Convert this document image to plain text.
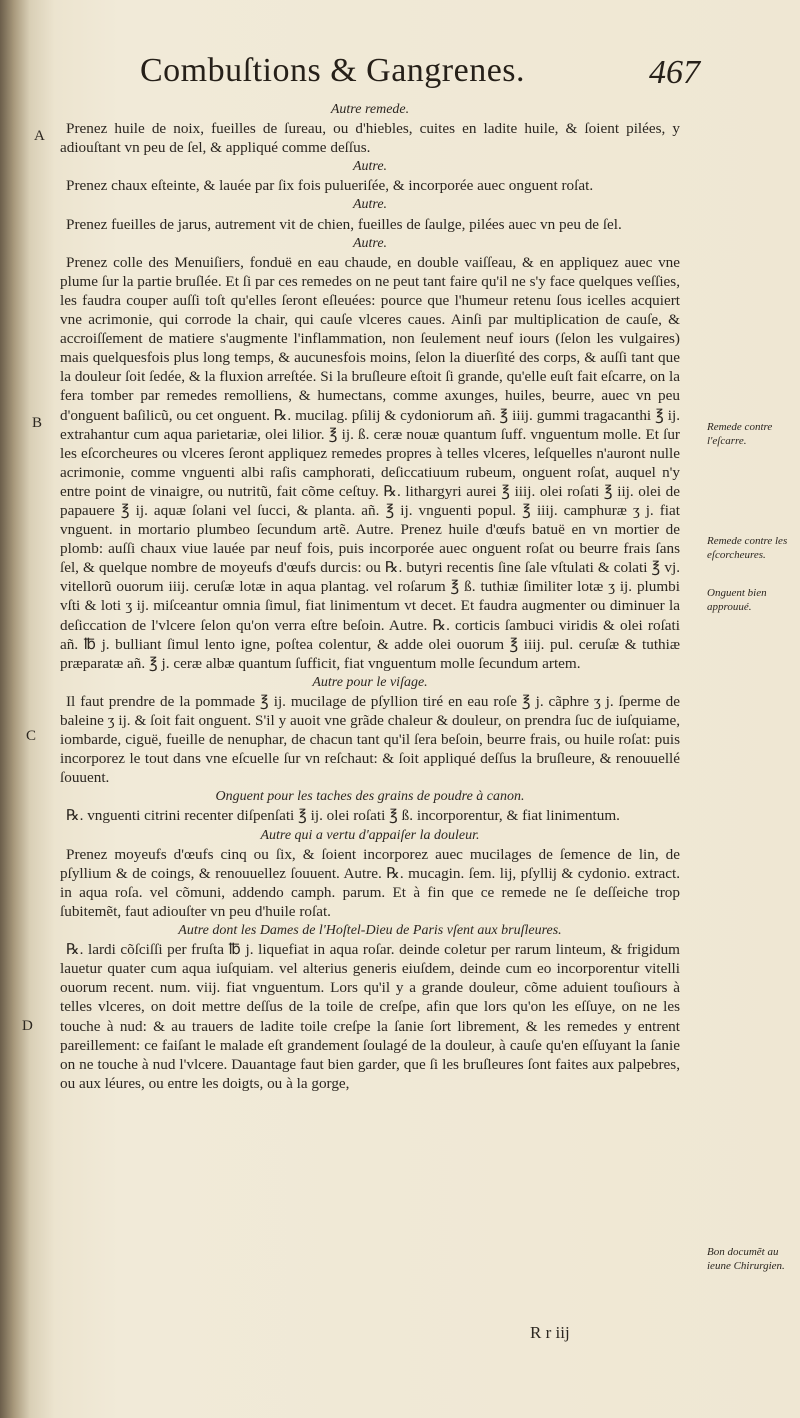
Combuſtions & Gangrenes.	467
A
B
C
D

Autre remede.

Prenez huile de noix, fueilles de ſureau, ou d'hiebles, cuites en ladite huile, & ſoient pilées, y adiouſtant vn peu de ſel, & appliqué comme deſſus.

Autre.

Prenez chaux eſteinte, & lauée par ſix fois pulueriſée, & incorporée auec onguent roſat.

Autre.

Prenez fueilles de jarus, autrement vit de chien, fueilles de ſaulge, pilées auec vn peu de ſel.

Autre.

Prenez colle des Menuiſiers, fonduë en eau chaude, en double vaiſſeau, & en appliquez auec vne plume ſur la partie bruſlée. Et ſi par ces remedes on ne peut tant faire qu'il ne s'y face quelques veſſies, les faudra couper auſſi toſt qu'elles ſeront eſleuées: pource que l'humeur retenu ſous icelles acquiert vne acrimonie, qui corrode la chair, qui cauſe vlceres caues. Ainſi par multiplication de cauſe, & accroiſſement de matiere s'augmente l'inflammation, non ſeulement neuf iours (ſelon les vulgaires) mais quelquesfois plus long temps, & aucunesfois moins, ſelon la diuerſité des corps, & auſſi tant que la douleur ſoit ſedée, & la fluxion arreſtée. Si la bruſleure eſtoit ſi grande, qu'elle euſt fait eſcarre, on la fera tomber par remedes remolliens, & humectans, comme axunges, huiles, beurre, auec vn peu d'onguent baſilicũ, ou cet onguent. ℞. mucilag. pſilij & cydoniorum añ. ℥ iiij. gummi tragacanthi ℥ ij. extrahantur cum aqua parietariæ, olei lilior. ℥ ij. ß. ceræ nouæ quantum ſuff. vnguentum molle. Et ſur les eſcorcheures ou vlceres ſeront appliquez remedes propres à telles vlceres, leſquelles n'auront nulle acrimonie, comme vnguenti albi raſis camphorati, deſiccatiuum rubeum, onguent roſat, auquel n'y entre point de vinaigre, ou nutritũ, fait cõme ceſtuy. ℞. lithargyri aurei ℥ iiij. olei roſati ℥ iij. olei de papauere ℥ ij. aquæ ſolani vel ſucci, & planta. añ. ℥ ij. vnguenti popul. ℥ iiij. camphuræ ʒ j. fiat vnguent. in mortario plumbeo ſecundum artẽ. Autre. Prenez huile d'œufs batuë en vn mortier de plomb: auſſi chaux viue lauée par neuf fois, puis incorporée auec onguent roſat ou beurre frais ſans ſel, & quelque nombre de moyeufs d'œufs durcis: ou ℞. butyri recentis ſine ſale vſtulati & colati ℥ vj. vitellorũ ouorum iiij. ceruſæ lotæ in aqua plantag. vel roſarum ℥ ß. tuthiæ ſimiliter lotæ ʒ ij. plumbi vſti & loti ʒ ij. miſceantur omnia ſimul, fiat linimentum vt decet. Et faudra augmenter ou diminuer la deſiccation de l'vlcere ſelon qu'on verra eſtre beſoin. Autre. ℞. corticis ſambuci viridis & olei roſati añ. ℔ j. bulliant ſimul lento igne, poſtea colentur, & adde olei ouorum ℥ iiij. pul. ceruſæ & tuthiæ præparatæ añ. ℥ j. ceræ albæ quantum ſufficit, fiat vnguentum molle ſecundum artem.

Autre pour le viſage.

Il faut prendre de la pommade ℥ ij. mucilage de pſyllion tiré en eau roſe ℥ j. cãphre ʒ j. ſperme de baleine ʒ ij. & ſoit fait onguent. S'il y auoit vne grãde chaleur & douleur, on prendra ſuc de iuſquiame, iombarde, ciguë, fueille de nenuphar, de chacun tant qu'il ſera beſoin, beurre frais, ou huile roſat: puis incorporez le tout dans vne eſcuelle ſur vn reſchaut: & ſoit appliqué deſſus la bruſleure, & renouuellé ſouuent.

Onguent pour les taches des grains de poudre à canon.

℞. vnguenti citrini recenter diſpenſati ℥ ij. olei roſati ℥ ß. incorporentur, & fiat linimentum.

Autre qui a vertu d'appaiſer la douleur.

Prenez moyeufs d'œufs cinq ou ſix, & ſoient incorporez auec mucilages de ſemence de lin, de pſyllium & de coings, & renouuellez ſouuent. Autre. ℞. mucagin. ſem. lij, pſyllij & cydonio. extract. in aqua roſa. vel cõmuni, addendo camph. parum. Et à fin que ce remede ne ſe deſſeiche trop ſubitemẽt, faut adiouſter vn peu d'huile roſat.

Autre dont les Dames de l'Hoſtel-Dieu de Paris vſent aux bruſleures.

℞. lardi cõſciſſi per fruſta ℔ j. liquefiat in aqua roſar. deinde coletur per rarum linteum, & frigidum lauetur quater cum aqua iuſquiam. vel alterius generis eiuſdem, deinde cum eo incorporentur vitelli ouorum recent. num. viij. fiat vnguentum. Lors qu'il y a grande douleur, cõme aduient touſiours à telles vlceres, on doit mettre deſſus de la toile de creſpe, afin que lors qu'on les eſſuye, on ne les touche à nud: & au trauers de ladite toile creſpe la ſanie ſort librement, & les remedes y entrent pareillement: ce faiſant le malade eſt grandement ſoulagé de la douleur, à cauſe qu'en eſſuyant la ſanie on ne touche à nud l'vlcere. Dauantage faut bien garder, que ſi les bruſleures ſont faites aux palpebres, ou aux léures, ou entre les doigts, ou à la gorge,

Remede contre l'eſcarre.
Remede contre les eſcorcheures.
Onguent bien approuué.
Bon documẽt au ieune Chirurgien.
R r iij
